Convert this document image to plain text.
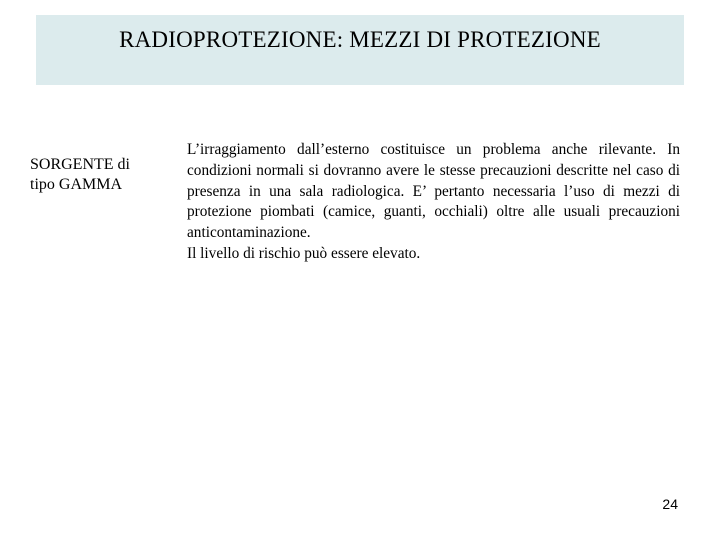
RADIOPROTEZIONE: MEZZI DI PROTEZIONE
SORGENTE di
tipo GAMMA

L’irraggiamento dall’esterno costituisce un problema anche rilevante. In condizioni normali si dovranno avere le stesse precauzioni descritte nel caso di presenza in una sala radiologica. E’ pertanto necessaria l’uso di mezzi di protezione piombati (camice, guanti, occhiali) oltre alle usuali precauzioni anticontaminazione.

Il livello di rischio può essere elevato.

24
